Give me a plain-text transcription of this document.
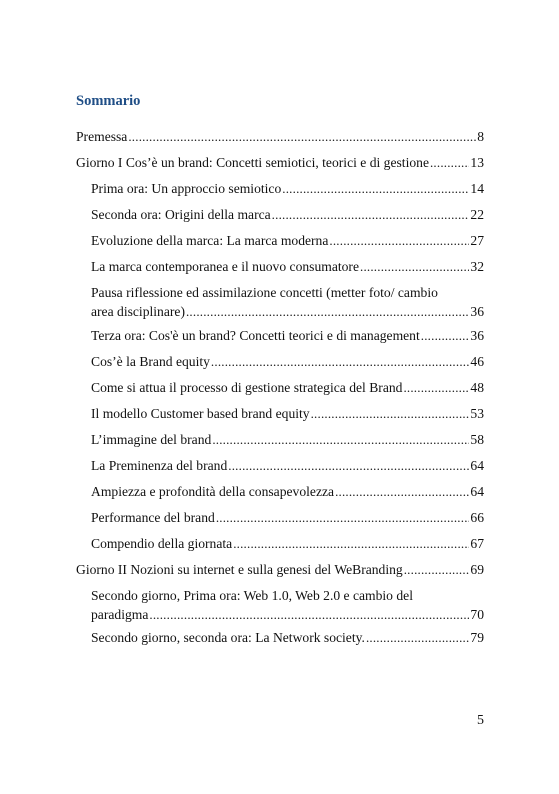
Sommario
Premessa .....	8
Giorno I Cos’è un brand: Concetti semiotici, teorici e di gestione .....	13
Prima ora: Un approccio semiotico .....	14
Seconda ora: Origini della marca .....	22
Evoluzione della marca: La marca moderna .....	27
La marca contemporanea e il nuovo consumatore .....	32
Pausa riflessione ed assimilazione concetti (metter foto/ cambio
area disciplinare) .....	36
Terza ora: Cos'è un brand? Concetti teorici e di management .....	36
Cos’è la Brand equity .....	46
Come si attua il processo di gestione strategica del Brand .....	48
Il modello Customer based brand equity .....	53
L’immagine del brand .....	58
La Preminenza del brand .....	64
Ampiezza e profondità della consapevolezza .....	64
Performance del brand .....	66
Compendio della giornata .....	67
Giorno II Nozioni su internet e sulla genesi del WeBranding .....	69
Secondo giorno, Prima ora: Web 1.0, Web 2.0 e cambio del
paradigma .....	70
Secondo giorno, seconda ora: La Network society. .....	79
5
